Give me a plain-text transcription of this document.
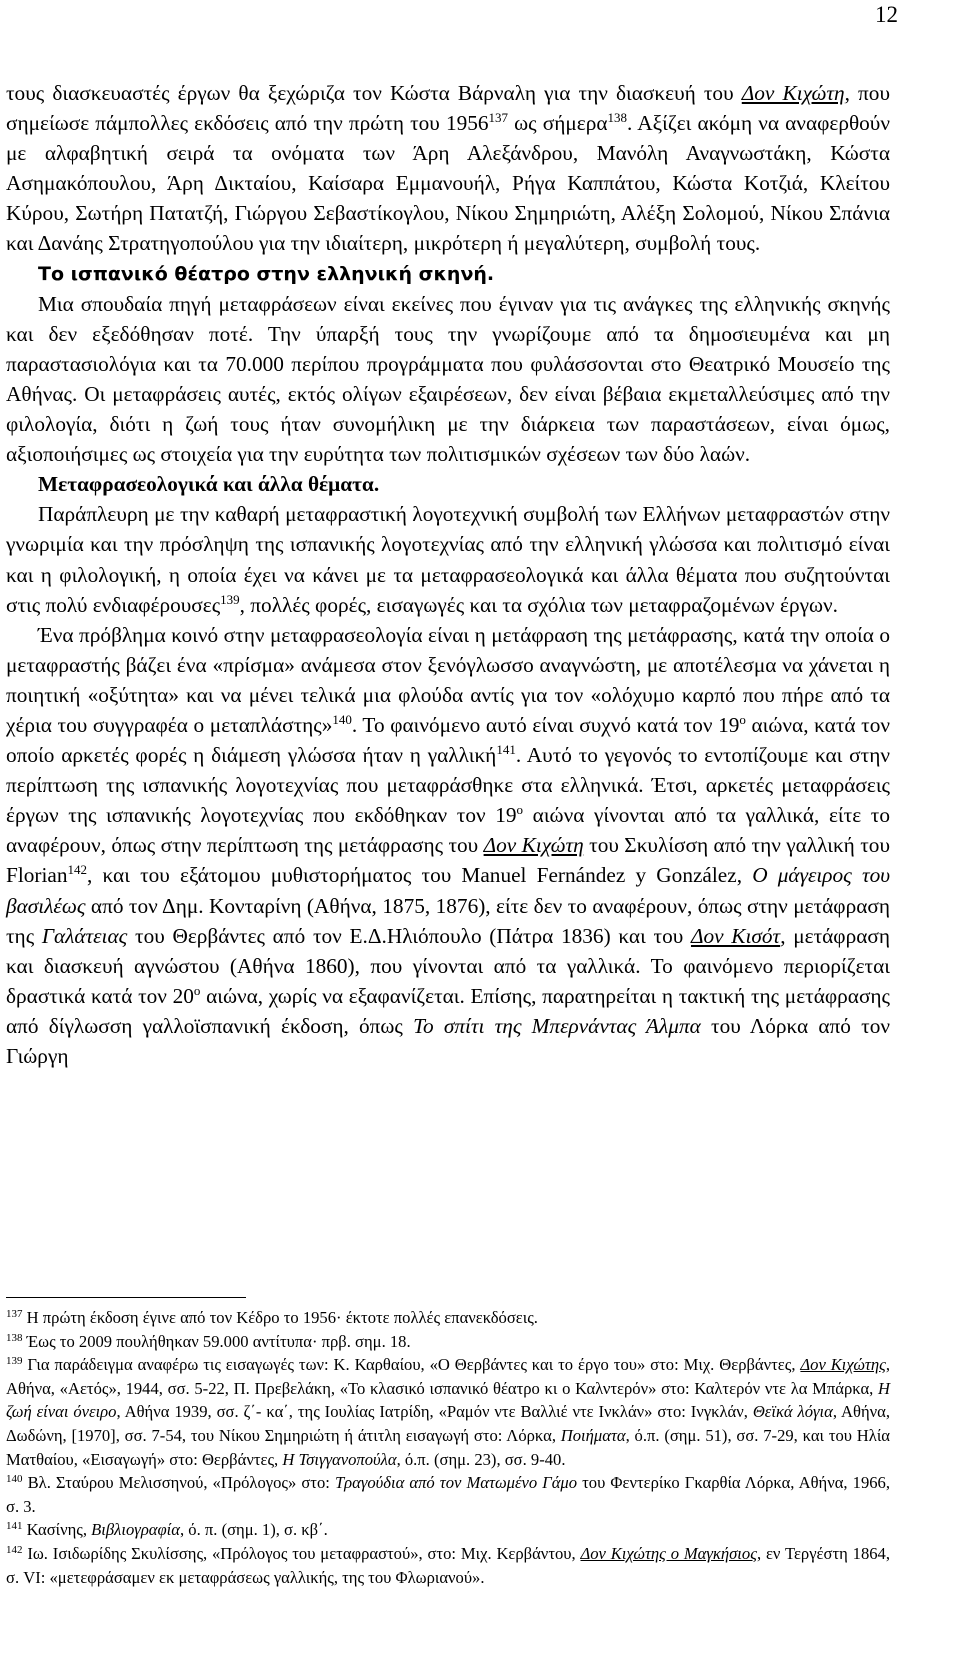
12

τους διασκευαστές έργων θα ξεχώριζα τον Κώστα Βάρναλη για την διασκευή του Δον Κιχώτη, που σημείωσε πάμπολλες εκδόσεις από την πρώτη του 1956$^{137}$ ως σήμερα$^{138}$. Αξίζει ακόμη να αναφερθούν με αλφαβητική σειρά τα ονόματα των Άρη Αλεξάνδρου, Μανόλη Αναγνωστάκη, Κώστα Ασημακόπουλου, Άρη Δικταίου, Καίσαρα Εμμανουήλ, Ρήγα Καππάτου, Κώστα Κοτζιά, Κλείτου Κύρου, Σωτήρη Πατατζή, Γιώργου Σεβαστίκογλου, Νίκου Σημηριώτη, Αλέξη Σολομού, Νίκου Σπάνια και Δανάης Στρατηγοπούλου για την ιδιαίτερη, μικρότερη ή μεγαλύτερη, συμβολή τους.

Το ισπανικό θέατρο στην ελληνική σκηνή.

Μια σπουδαία πηγή μεταφράσεων είναι εκείνες που έγιναν για τις ανάγκες της ελληνικής σκηνής και δεν εξεδόθησαν ποτέ. Την ύπαρξή τους την γνωρίζουμε από τα δημοσιευμένα και μη παραστασιολόγια και τα 70.000 περίπου προγράμματα που φυλάσσονται στο Θεατρικό Μουσείο της Αθήνας. Οι μεταφράσεις αυτές, εκτός ολίγων εξαιρέσεων, δεν είναι βέβαια εκμεταλλεύσιμες από την φιλολογία, διότι η ζωή τους ήταν συνομήλικη με την διάρκεια των παραστάσεων, είναι όμως, αξιοποιήσιμες ως στοιχεία για την ευρύτητα των πολιτισμικών σχέσεων των δύο λαών.

Μεταφρασεολογικά και άλλα θέματα.

Παράπλευρη με την καθαρή μεταφραστική λογοτεχνική συμβολή των Ελλήνων μεταφραστών στην γνωριμία και την πρόσληψη της ισπανικής λογοτεχνίας από την ελληνική γλώσσα και πολιτισμό είναι και η φιλολογική, η οποία έχει να κάνει με τα μεταφρασεολογικά και άλλα θέματα που συζητούνται στις πολύ ενδιαφέρουσες$^{139}$, πολλές φορές, εισαγωγές και τα σχόλια των μεταφραζομένων έργων.

Ένα πρόβλημα κοινό στην μεταφρασεολογία είναι η μετάφραση της μετάφρασης, κατά την οποία ο μεταφραστής βάζει ένα «πρίσμα» ανάμεσα στον ξενόγλωσσο αναγνώστη, με αποτέλεσμα να χάνεται η ποιητική «οξύτητα» και να μένει τελικά μια φλούδα αντίς για τον «ολόχυμο καρπό που πήρε από τα χέρια του συγγραφέα ο μεταπλάστης»$^{140}$. Το φαινόμενο αυτό είναι συχνό κατά τον $19^o$ αιώνα, κατά τον οποίο αρκετές φορές η διάμεση γλώσσα ήταν η γαλλική$^{141}$. Αυτό το γεγονός το εντοπίζουμε και στην περίπτωση της ισπανικής λογοτεχνίας που μεταφράσθηκε στα ελληνικά. Έτσι, αρκετές μεταφράσεις έργων της ισπανικής λογοτεχνίας που εκδόθηκαν τον $19^o$ αιώνα γίνονται από τα γαλλικά, είτε το αναφέρουν, όπως στην περίπτωση της μετάφρασης του Δον Κιχώτη του Σκυλίσση από την γαλλική του Florian$^{142}$, και του εξάτομου μυθιστορήματος του Manuel Fernández y González, Ο μάγειρος του βασιλέως από τον Δημ. Κονταρίνη (Αθήνα, 1875, 1876), είτε δεν το αναφέρουν, όπως στην μετάφραση της Γαλάτειας του Θερβάντες από τον Ε.Δ.Ηλιόπουλο (Πάτρα 1836) και του Δον Κισότ, μετάφραση και διασκευή αγνώστου (Αθήνα 1860), που γίνονται από τα γαλλικά. Το φαινόμενο περιορίζεται δραστικά κατά τον $20^o$ αιώνα, χωρίς να εξαφανίζεται. Επίσης, παρατηρείται η τακτική της μετάφρασης από δίγλωσση γαλλοϊσπανική έκδοση, όπως Το σπίτι της Μπερνάντας Άλμπα του Λόρκα από τον Γιώργη

$^{137}$ Η πρώτη έκδοση έγινε από τον Κέδρο το 1956· έκτοτε πολλές επανεκδόσεις.

$^{138}$ Έως το 2009 πουλήθηκαν 59.000 αντίτυπα· πρβ. σημ. 18.

$^{139}$ Για παράδειγμα αναφέρω τις εισαγωγές των: Κ. Καρθαίου, «Ο Θερβάντες και το έργο του» στο: Μιχ. Θερβάντες, Δον Κιχώτης, Αθήνα, «Αετός», 1944, σσ. 5-22, Π. Πρεβελάκη, «Το κλασικό ισπανικό θέατρο κι ο Καλντερόν» στο: Καλτερόν ντε λα Μπάρκα, Η ζωή είναι όνειρο, Αθήνα 1939, σσ. ζ΄- κα΄, της Ιουλίας Ιατρίδη, «Ραμόν ντε Βαλλιέ ντε Ινκλάν» στο: Ινγκλάν, Θεϊκά λόγια, Αθήνα, Δωδώνη, [1970], σσ. 7-54, του Νίκου Σημηριώτη ή άτιτλη εισαγωγή στο: Λόρκα, Ποιήματα, ό.π. (σημ. 51), σσ. 7-29, και του Ηλία Ματθαίου, «Εισαγωγή» στο: Θερβάντες, Η Τσιγγανοπούλα, ό.π. (σημ. 23), σσ. 9-40.

$^{140}$ Βλ. Σταύρου Μελισσηνού, «Πρόλογος» στο: Τραγούδια από τον Ματωμένο Γάμο του Φεντερίκο Γκαρθία Λόρκα, Αθήνα, 1966, σ. 3.

$^{141}$ Κασίνης, Βιβλιογραφία, ό. π. (σημ. 1), σ. κβ΄.

$^{142}$ Ιω. Ισιδωρίδης Σκυλίσσης, «Πρόλογος του μεταφραστού», στο: Μιχ. Κερβάντου, Δον Κιχώτης ο Μαγκήσιος, εν Τεργέστη 1864, σ. VI: «μετεφράσαμεν εκ μεταφράσεως γαλλικής, της του Φλωριανού».
